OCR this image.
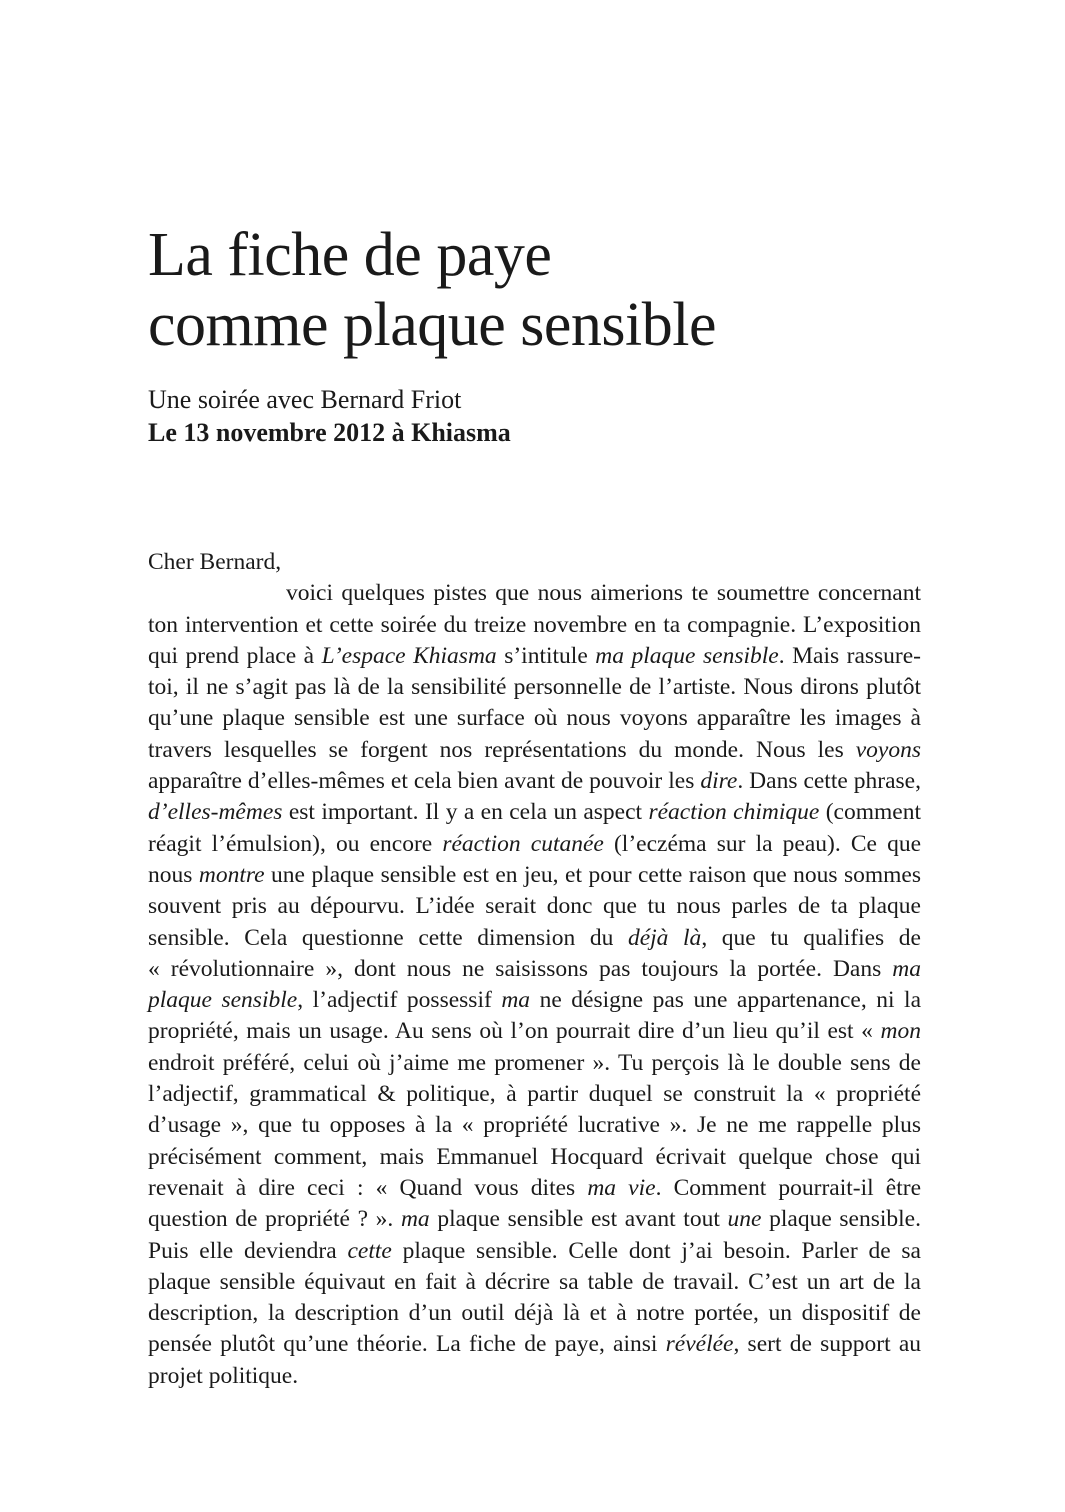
La fiche de paye
comme plaque sensible
Une soirée avec Bernard Friot
Le 13 novembre 2012 à Khiasma
Cher Bernard,

voici quelques pistes que nous aimerions te soumettre concernant ton intervention et cette soirée du treize novembre en ta compagnie. L’exposition qui prend place à L’espace Khiasma s’intitule ma plaque sensible. Mais rassure-toi, il ne s’agit pas là de la sensibilité personnelle de l’artiste. Nous dirons plutôt qu’une plaque sensible est une surface où nous voyons apparaître les images à travers lesquelles se forgent nos représentations du monde. Nous les voyons apparaître d’elles-mêmes et cela bien avant de pouvoir les dire. Dans cette phrase, d’elles-mêmes est important. Il y a en cela un aspect réaction chimique (comment réagit l’émulsion), ou encore réaction cutanée (l’eczéma sur la peau). Ce que nous montre une plaque sensible est en jeu, et pour cette raison que nous sommes souvent pris au dépourvu. L’idée serait donc que tu nous parles de ta plaque sensible. Cela questionne cette dimension du déjà là, que tu qualifies de « révolutionnaire », dont nous ne saisissons pas toujours la portée. Dans ma plaque sensible, l’adjectif possessif ma ne désigne pas une appartenance, ni la propriété, mais un usage. Au sens où l’on pourrait dire d’un lieu qu’il est « mon endroit préféré, celui où j’aime me promener ». Tu perçois là le double sens de l’adjectif, grammatical & politique, à partir duquel se construit la « propriété d’usage », que tu opposes à la « propriété lucrative ». Je ne me rappelle plus précisément comment, mais Emmanuel Hocquard écrivait quelque chose qui revenait à dire ceci : « Quand vous dites ma vie. Comment pourrait-il être question de propriété ? ». ma plaque sensible est avant tout une plaque sensible. Puis elle deviendra cette plaque sensible. Celle dont j’ai besoin. Parler de sa plaque sensible équivaut en fait à décrire sa table de travail. C’est un art de la description, la description d’un outil déjà là et à notre portée, un dispositif de pensée plutôt qu’une théorie. La fiche de paye, ainsi révélée, sert de support au projet politique.
